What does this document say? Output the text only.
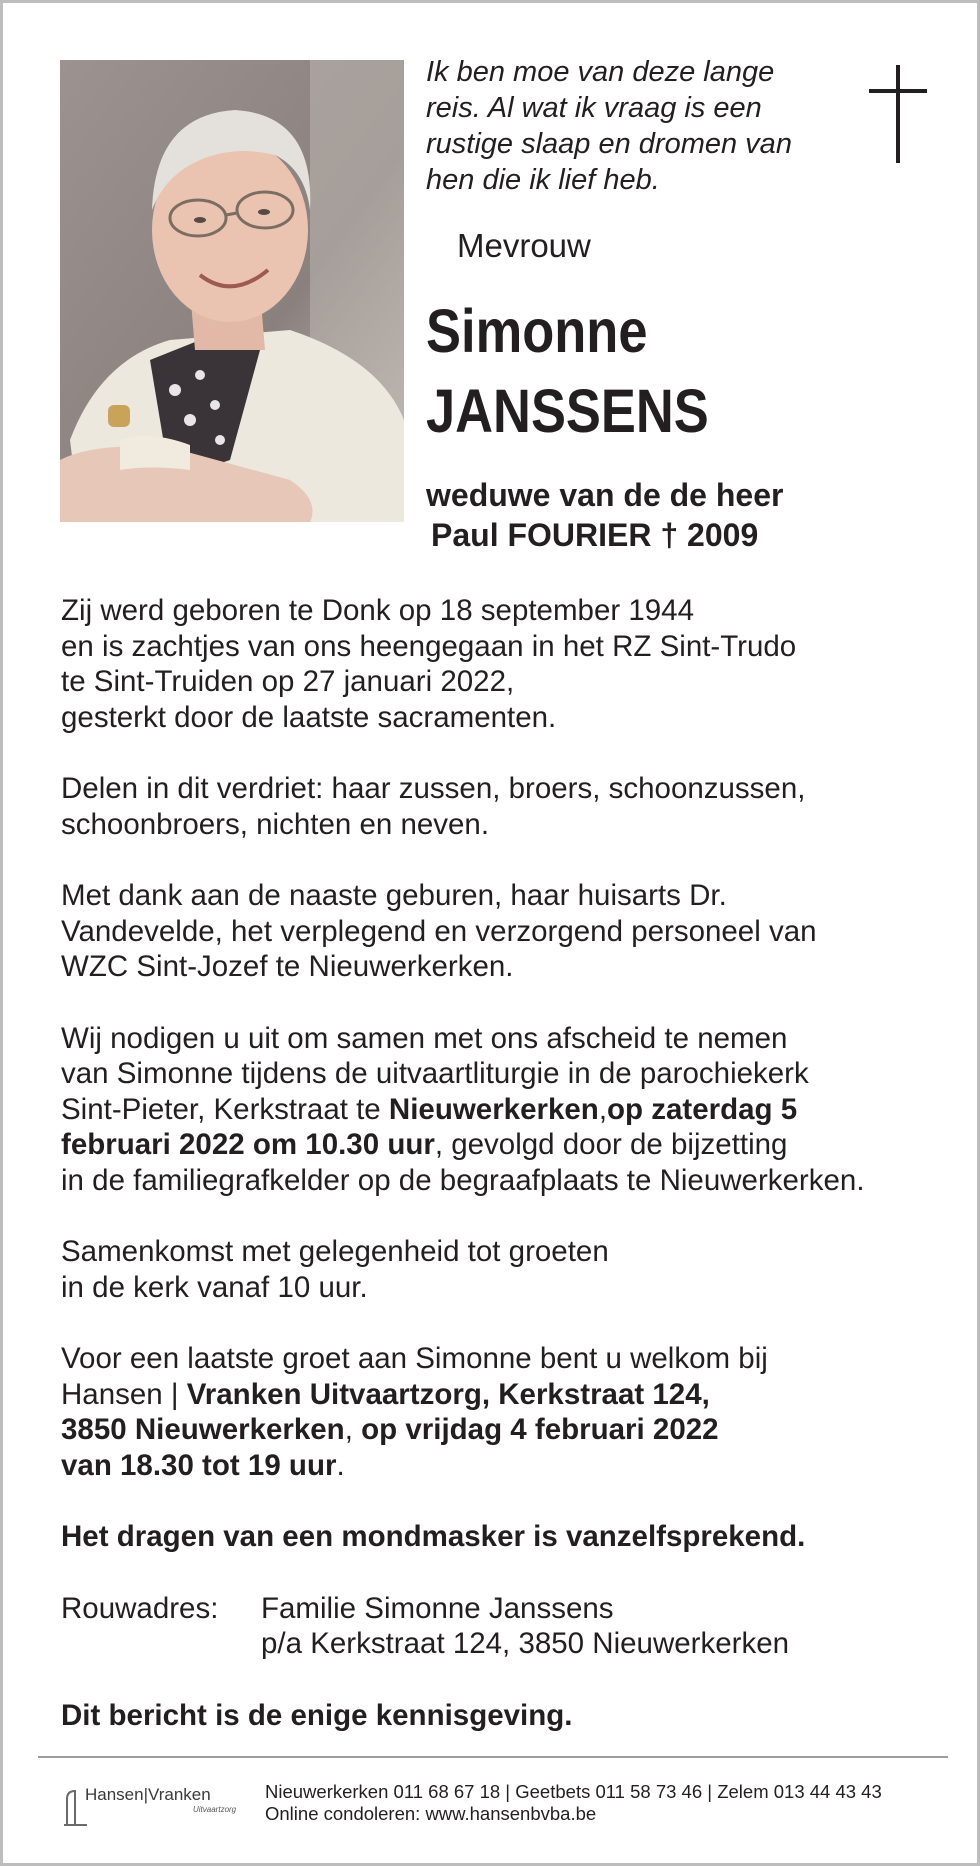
Ik ben moe van deze lange
reis. Al wat ik vraag is een
rustige slaap en dromen van
hen die ik lief heb.
Mevrouw
Simonne
JANSSENS
weduwe van de de heer
Paul FOURIER † 2009

Zij werd geboren te Donk op 18 september 1944
en is zachtjes van ons heengegaan in het RZ Sint-Trudo
te Sint-Truiden op 27 januari 2022,
gesterkt door de laatste sacramenten.

Delen in dit verdriet: haar zussen, broers, schoonzussen,
schoonbroers, nichten en neven.

Met dank aan de naaste geburen, haar huisarts Dr.
Vandevelde, het verplegend en verzorgend personeel van
WZC Sint-Jozef te Nieuwerkerken.

Wij nodigen u uit om samen met ons afscheid te nemen
van Simonne tijdens de uitvaartliturgie in de parochiekerk
Sint-Pieter, Kerkstraat te Nieuwerkerken,op zaterdag 5
februari 2022 om 10.30 uur, gevolgd door de bijzetting
in de familiegrafkelder op de begraafplaats te Nieuwerkerken.

Samenkomst met gelegenheid tot groeten
in de kerk vanaf 10 uur.

Voor een laatste groet aan Simonne bent u welkom bij
Hansen | Vranken Uitvaartzorg, Kerkstraat 124,
3850 Nieuwerkerken, op vrijdag 4 februari 2022
van 18.30 tot 19 uur.

Het dragen van een mondmasker is vanzelfsprekend.

Rouwadres:	Familie Simonne Janssens
p/a Kerkstraat 124, 3850 Nieuwerkerken

Dit bericht is de enige kennisgeving.

Hansen|Vranken
Uitvaartzorg
Nieuwerkerken 011 68 67 18 | Geetbets 011 58 73 46 | Zelem 013 44 43 43
Online condoleren: www.hansenbvba.be
